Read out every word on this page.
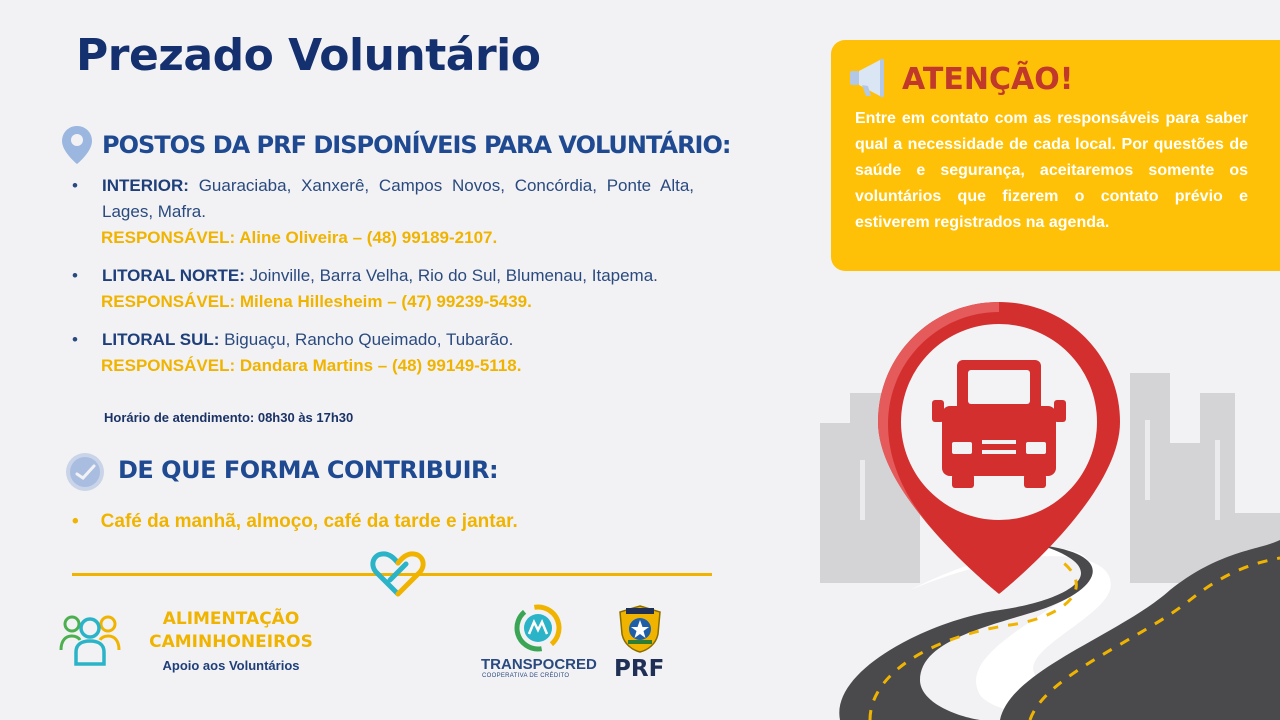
Prezado Voluntário
POSTOS DA PRF DISPONÍVEIS PARA VOLUNTÁRIO:
• INTERIOR: Guaraciaba, Xanxerê, Campos Novos, Concórdia, Ponte Alta, Lages, Mafra.
RESPONSÁVEL: Aline Oliveira – (48) 99189-2107.
• LITORAL NORTE: Joinville, Barra Velha, Rio do Sul, Blumenau, Itapema.
RESPONSÁVEL: Milena Hillesheim – (47) 99239-5439.
• LITORAL SUL: Biguaçu, Rancho Queimado, Tubarão.
RESPONSÁVEL: Dandara Martins – (48) 99149-5118.
Horário de atendimento: 08h30 às 17h30
DE QUE FORMA CONTRIBUIR:
• Café da manhã, almoço, café da tarde e jantar.
ATENÇÃO!
Entre em contato com as responsáveis para saber qual a necessidade de cada local. Por questões de saúde e segurança, aceitaremos somente os voluntários que fizerem o contato prévio e estiverem registrados na agenda.
ALIMENTAÇÃO CAMINHONEIROS
Apoio aos Voluntários	TRANSPOCRED
COOPERATIVA DE CRÉDITO PRF
